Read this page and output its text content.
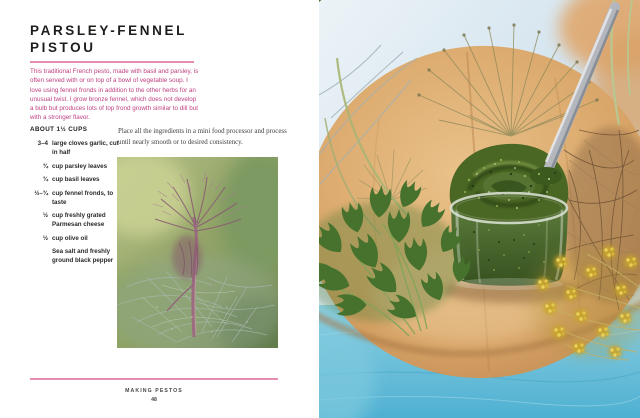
PARSLEY-FENNEL
PISTOU
This traditional French pesto, made with basil and parsley, is often served with or on top of a bowl of vegetable soup. I love using fennel fronds in addition to the other herbs for an unusual twist. I grow bronze fennel, which does not develop a bulb but produces lots of top frond growth similar to dill but with a stronger flavor.
ABOUT 1½ CUPS
3–4 large cloves garlic, cut in half
¾ cup parsley leaves
¾ cup basil leaves
½–¾ cup fennel fronds, to taste
½ cup freshly grated Parmesan cheese
½ cup olive oil
Sea salt and freshly ground black pepper
Place all the ingredients in a mini food processor and process until nearly smooth or to desired consistency.
MAKING PESTOS
48
